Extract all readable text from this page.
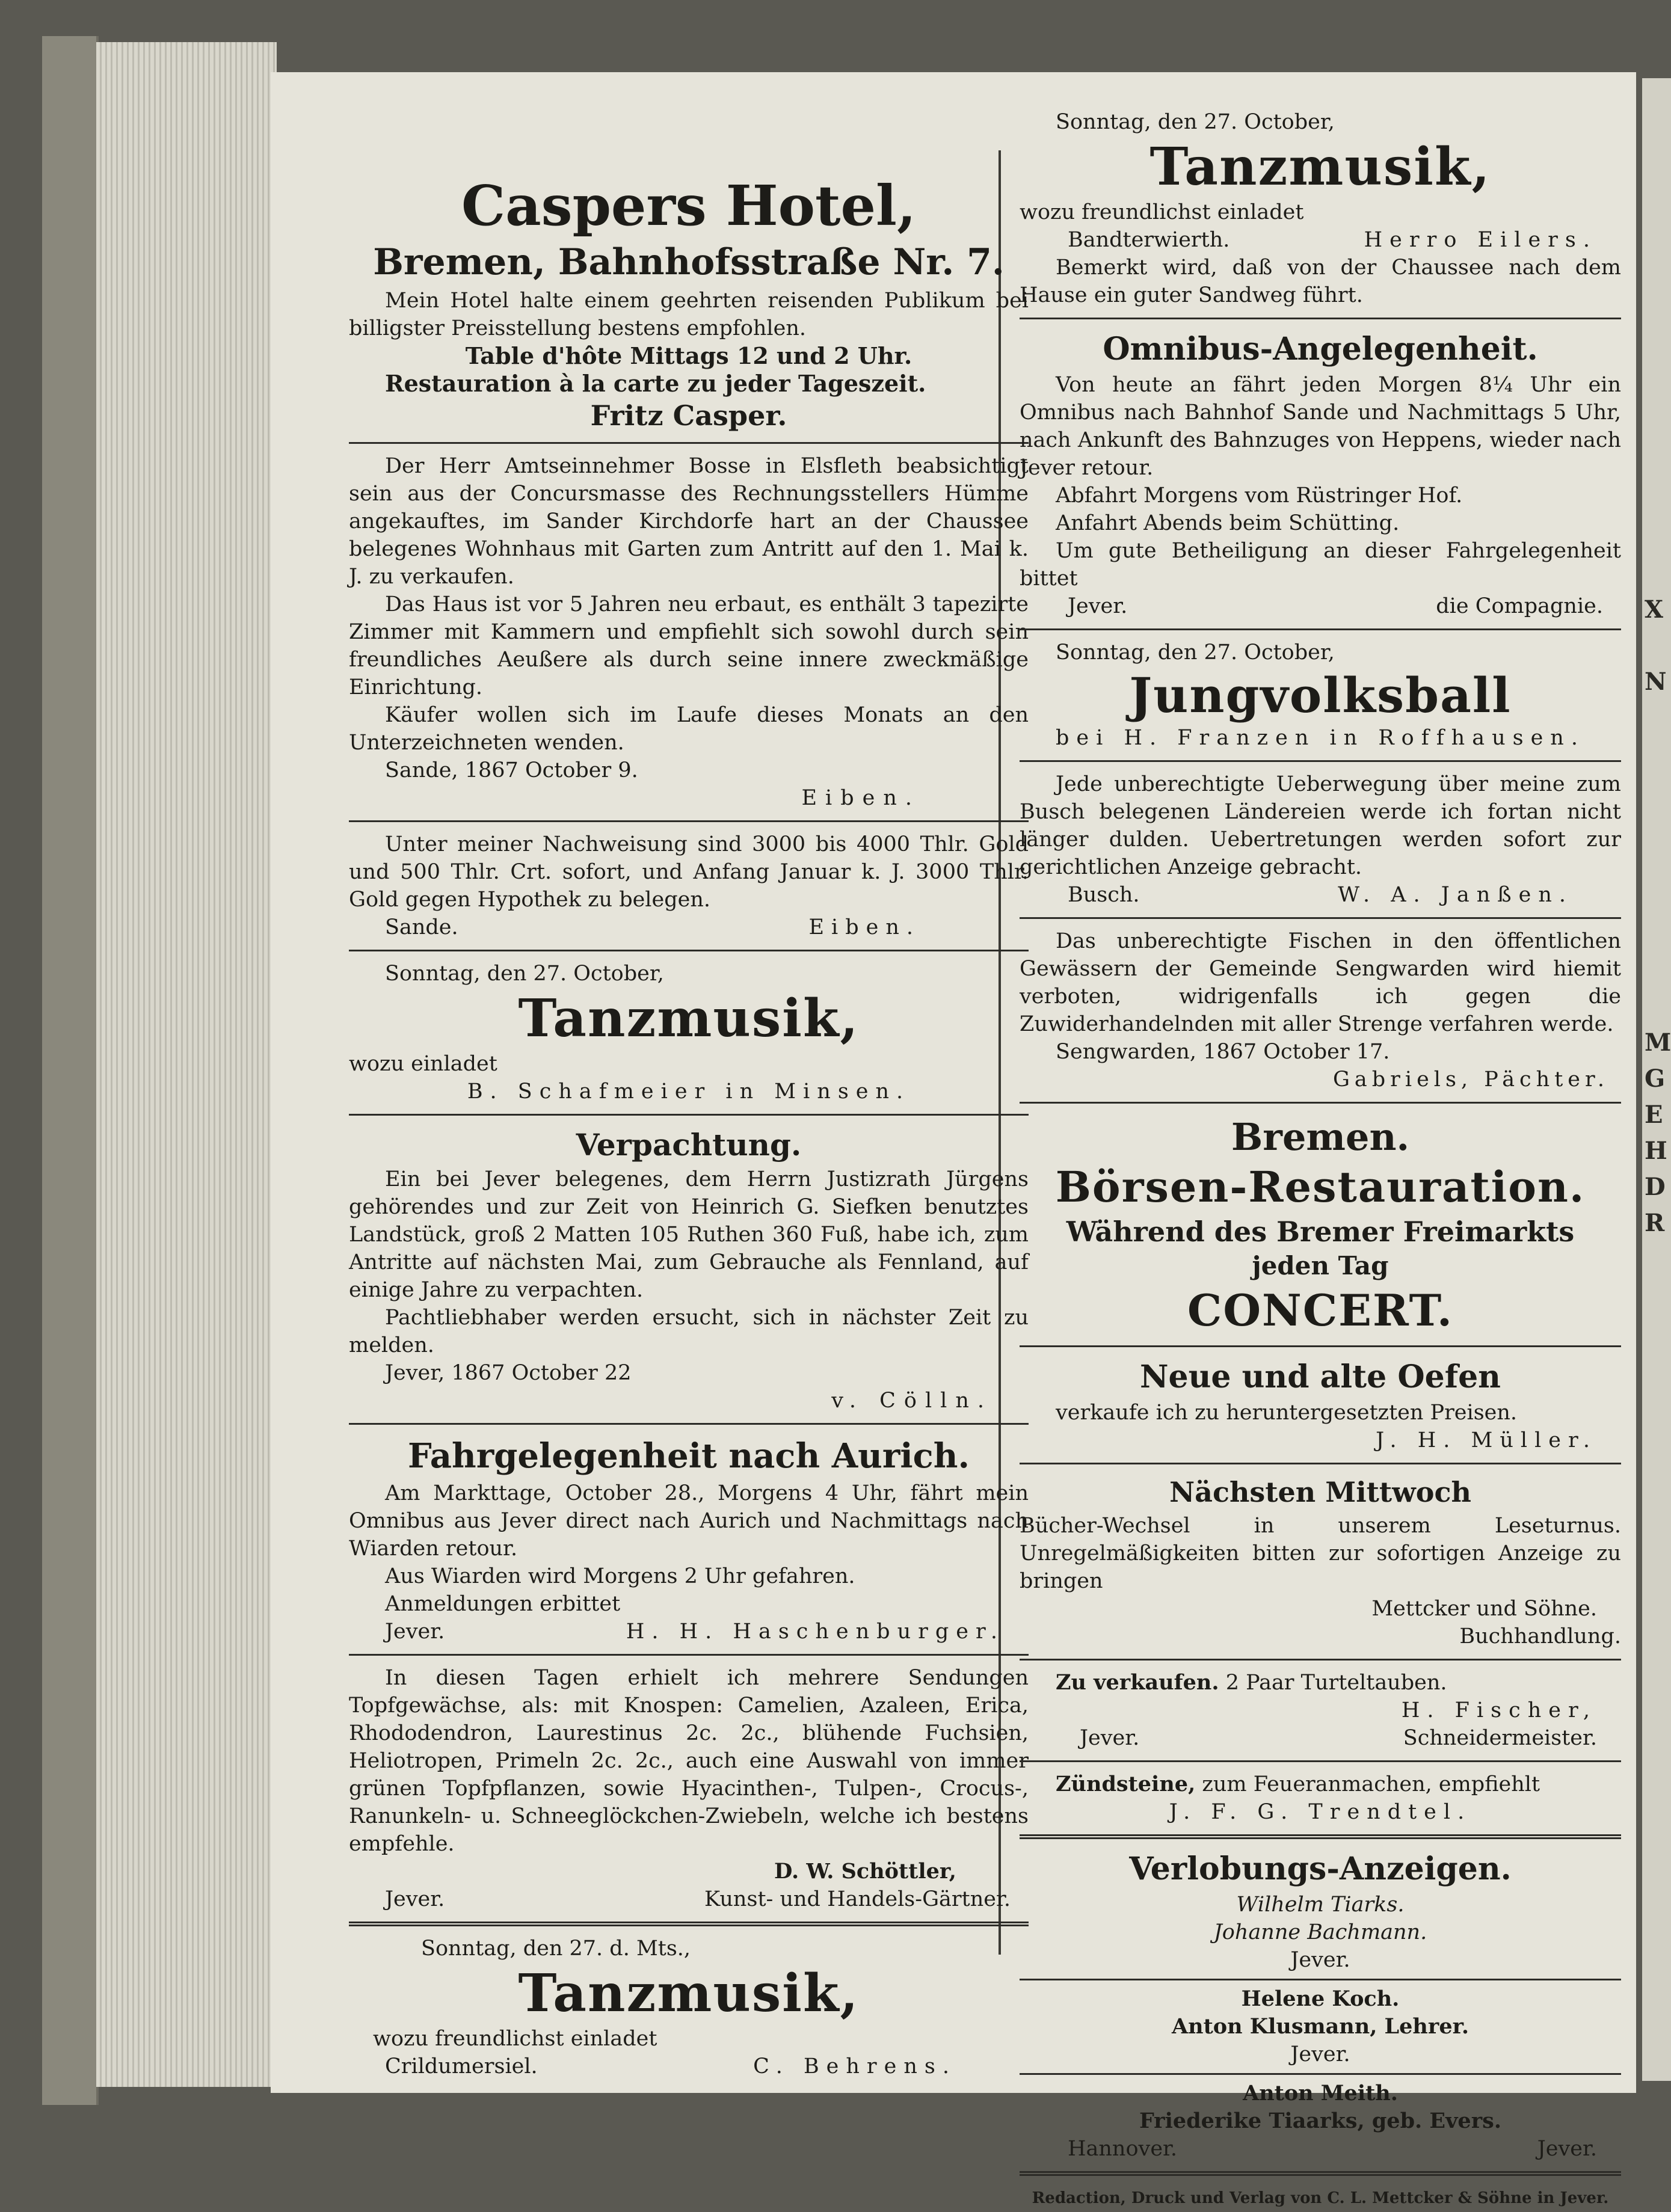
Caspers Hotel,
Bremen, Bahnhofsstraße Nr. 7.

Mein Hotel halte einem geehrten reisenden Publikum bei billigster Preisstellung bestens empfohlen.

Table d'hôte Mittags 12 und 2 Uhr.

Restauration à la carte zu jeder Tageszeit.

Fritz Casper.

Der Herr Amtseinnehmer Bosse in Elsfleth beabsichtigt sein aus der Concursmasse des Rechnungsstellers Hümme angekauftes, im Sander Kirchdorfe hart an der Chaussee belegenes Wohnhaus mit Garten zum Antritt auf den 1. Mai k. J. zu verkaufen.

Das Haus ist vor 5 Jahren neu erbaut, es enthält 3 tapezirte Zimmer mit Kammern und empfiehlt sich sowohl durch sein freundliches Aeußere als durch seine innere zweckmäßige Einrichtung.

Käufer wollen sich im Laufe dieses Monats an den Unterzeichneten wenden.

Sande, 1867 October 9.

Eiben.

Unter meiner Nachweisung sind 3000 bis 4000 Thlr. Gold und 500 Thlr. Crt. sofort, und Anfang Januar k. J. 3000 Thlr. Gold gegen Hypothek zu belegen.

Sande.	Eiben.

Sonntag, den 27. October,

Tanzmusik,

wozu einladet

B. Schafmeier in Minsen.

Verpachtung.

Ein bei Jever belegenes, dem Herrn Justizrath Jürgens gehörendes und zur Zeit von Heinrich G. Siefken benutztes Landstück, groß 2 Matten 105 Ruthen 360 Fuß, habe ich, zum Antritte auf nächsten Mai, zum Gebrauche als Fennland, auf einige Jahre zu verpachten.

Pachtliebhaber werden ersucht, sich in nächster Zeit zu melden.

Jever, 1867 October 22

v. Cölln.

Fahrgelegenheit nach Aurich.

Am Markttage, October 28., Morgens 4 Uhr, fährt mein Omnibus aus Jever direct nach Aurich und Nachmittags nach Wiarden retour.

Aus Wiarden wird Morgens 2 Uhr gefahren.

Anmeldungen erbittet

Jever.	H. H. Haschenburger.

In diesen Tagen erhielt ich mehrere Sendungen Topfgewächse, als: mit Knospen: Camelien, Azaleen, Erica, Rhododendron, Laurestinus 2c. 2c., blühende Fuchsien, Heliotropen, Primeln 2c. 2c., auch eine Auswahl von immer grünen Topfpflanzen, sowie Hyacinthen-, Tulpen-, Crocus-, Ranunkeln- u. Schneeglöckchen-Zwiebeln, welche ich bestens empfehle.

D. W. Schöttler,

Jever.	Kunst- und Handels-Gärtner.

Sonntag, den 27. d. Mts.,

Tanzmusik,

wozu freundlichst einladet

Crildumersiel.	C. Behrens.

Sonntag, den 27. October,

Tanzmusik,

wozu freundlichst einladet

Bandterwierth.	Herro Eilers.

Bemerkt wird, daß von der Chaussee nach dem Hause ein guter Sandweg führt.

Omnibus-Angelegenheit.

Von heute an fährt jeden Morgen 8¼ Uhr ein Omnibus nach Bahnhof Sande und Nachmittags 5 Uhr, nach Ankunft des Bahnzuges von Heppens, wieder nach Jever retour.

Abfahrt Morgens vom Rüstringer Hof.

Anfahrt Abends beim Schütting.

Um gute Betheiligung an dieser Fahrgelegenheit bittet

Jever.	die Compagnie.

Sonntag, den 27. October,

Jungvolksball

bei H. Franzen in Roffhausen.

Jede unberechtigte Ueberwegung über meine zum Busch belegenen Ländereien werde ich fortan nicht länger dulden. Uebertretungen werden sofort zur gerichtlichen Anzeige gebracht.

Busch.	W. A. Janßen.

Das unberechtigte Fischen in den öffentlichen Gewässern der Gemeinde Sengwarden wird hiemit verboten, widrigenfalls ich gegen die Zuwiderhandelnden mit aller Strenge verfahren werde.

Sengwarden, 1867 October 17.

Gabriels, Pächter.

Bremen.
Börsen-Restauration.
Während des Bremer Freimarkts
jeden Tag
CONCERT.
Neue und alte Oefen

verkaufe ich zu heruntergesetzten Preisen.

J. H. Müller.

Nächsten Mittwoch

Bücher-Wechsel in unserem Leseturnus. Unregelmäßigkeiten bitten zur sofortigen Anzeige zu bringen

Mettcker und Söhne.

Buchhandlung.

Zu verkaufen. 2 Paar Turteltauben.

H. Fischer,

Jever.	Schneidermeister.

Zündsteine, zum Feueranmachen, empfiehlt

J. F. G. Trendtel.

Verlobungs-Anzeigen.

Wilhelm Tiarks.

Johanne Bachmann.

Jever.

Helene Koch.

Anton Klusmann, Lehrer.

Jever.

Anton Meith.

Friederike Tiaarks, geb. Evers.

Hannover.	Jever.

Redaction, Druck und Verlag von C. L. Mettcker & Söhne in Jever.

X
N
M
G
E
H
D
R
